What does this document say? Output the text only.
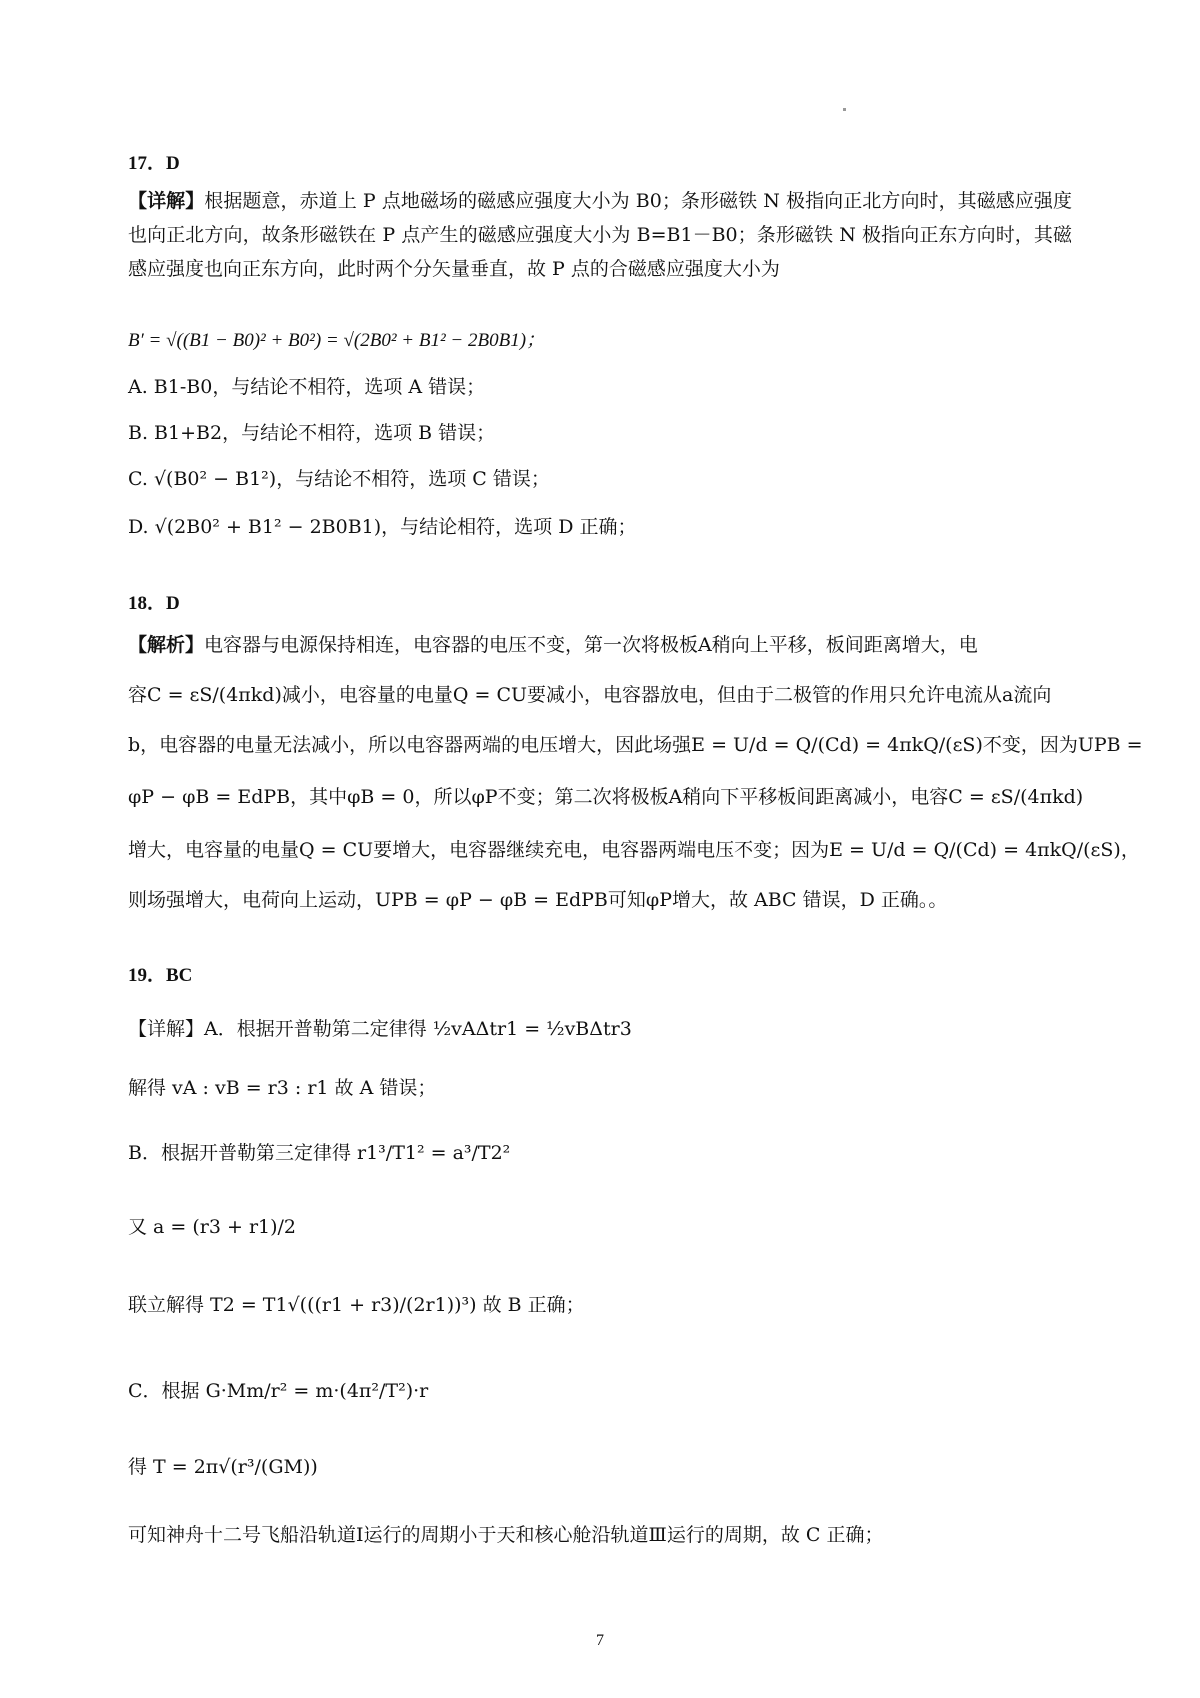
17．D
【详解】根据题意，赤道上 P 点地磁场的磁感应强度大小为 B0；条形磁铁 N 极指向正北方向时，其磁感应强度也向正北方向，故条形磁铁在 P 点产生的磁感应强度大小为 B=B1－B0；条形磁铁 N 极指向正东方向时，其磁感应强度也向正东方向，此时两个分矢量垂直，故 P 点的合磁感应强度大小为
B′ = √((B1 − B0)² + B0²) = √(2B0² + B1² − 2B0B1)；
A. B1-B0，与结论不相符，选项 A 错误；
B. B1+B2，与结论不相符，选项 B 错误；
C. √(B0² − B1²)，与结论不相符，选项 C 错误；
D. √(2B0² + B1² − 2B0B1)，与结论相符，选项 D 正确；
18．D
【解析】电容器与电源保持相连，电容器的电压不变，第一次将极板A稍向上平移，板间距离增大，电
容C = εS/(4πkd)减小，电容量的电量Q = CU要减小，电容器放电，但由于二极管的作用只允许电流从a流向
b，电容器的电量无法减小，所以电容器两端的电压增大，因此场强E = U/d = Q/(Cd) = 4πkQ/(εS)不变，因为UPB =
φP − φB = EdPB，其中φB = 0，所以φP不变；第二次将极板A稍向下平移板间距离减小，电容C = εS/(4πkd)
增大，电容量的电量Q = CU要增大，电容器继续充电，电容器两端电压不变；因为E = U/d = Q/(Cd) = 4πkQ/(εS)，
则场强增大，电荷向上运动，UPB = φP − φB = EdPB可知φP增大，故 ABC 错误，D 正确。。
19．BC
【详解】A．根据开普勒第二定律得 ½vAΔtr1 = ½vBΔtr3
解得 vA : vB = r3 : r1 故 A 错误；
B．根据开普勒第三定律得 r1³/T1² = a³/T2²
又 a = (r3 + r1)/2
联立解得 T2 = T1√(((r1 + r3)/(2r1))³) 故 B 正确；
C．根据 G·Mm/r² = m·(4π²/T²)·r
得 T = 2π√(r³/(GM))
可知神舟十二号飞船沿轨道Ⅰ运行的周期小于天和核心舱沿轨道Ⅲ运行的周期，故 C 正确；
7
